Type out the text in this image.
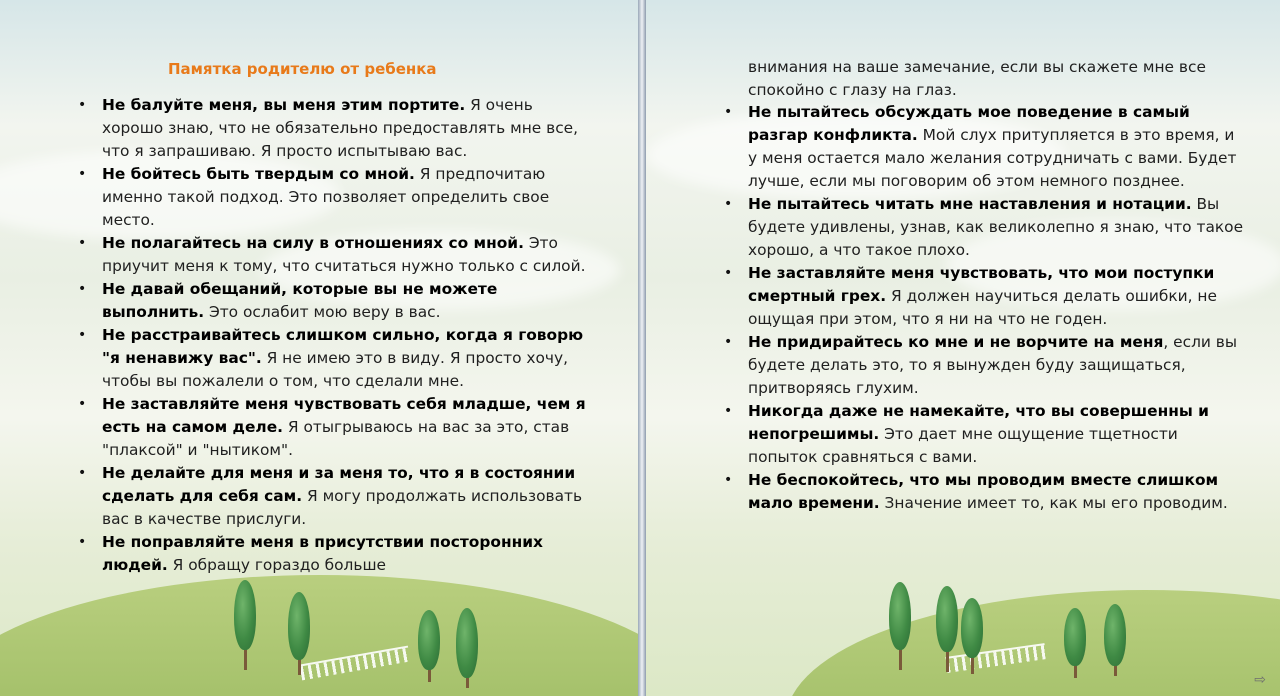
Памятка родителю от ребенка
• Не балуйте меня, вы меня этим портите. Я очень хорошо знаю, что не обязательно предоставлять мне все, что я запрашиваю. Я просто испытываю вас.
• Не бойтесь быть твердым со мной. Я предпочитаю именно такой подход. Это позволяет определить свое место.
• Не полагайтесь на силу в отношениях со мной. Это приучит меня к тому, что считаться нужно только с силой.
• Не давай обещаний, которые вы не можете выполнить. Это ослабит мою веру в вас.
• Не расстраивайтесь слишком сильно, когда я говорю "я ненавижу вас". Я не имею это в виду. Я просто хочу, чтобы вы пожалели о том, что сделали мне.
• Не заставляйте меня чувствовать себя младше, чем я есть на самом деле. Я отыгрываюсь на вас за это, став "плаксой" и "нытиком".
• Не делайте для меня и за меня то, что я в состоянии сделать для себя сам. Я могу продолжать использовать вас в качестве прислуги.
• Не поправляйте меня в присутствии посторонних людей. Я обращу гораздо больше

внимания на ваше замечание, если вы скажете мне все спокойно с глазу на глаз.

• Не пытайтесь обсуждать мое поведение в самый разгар конфликта. Мой слух притупляется в это время, и у меня остается мало желания сотрудничать с вами. Будет лучше, если мы поговорим об этом немного позднее.
• Не пытайтесь читать мне наставления и нотации. Вы будете удивлены, узнав, как великолепно я знаю, что такое хорошо, а что такое плохо.
• Не заставляйте меня чувствовать, что мои поступки смертный грех. Я должен научиться делать ошибки, не ощущая при этом, что я ни на что не годен.
• Не придирайтесь ко мне и не ворчите на меня, если вы будете делать это, то я вынужден буду защищаться, притворяясь глухим.
• Никогда даже не намекайте, что вы совершенны и непогрешимы. Это дает мне ощущение тщетности попыток сравняться с вами.
• Не беспокойтесь, что мы проводим вместе слишком мало времени. Значение имеет то, как мы его проводим.
⇨
